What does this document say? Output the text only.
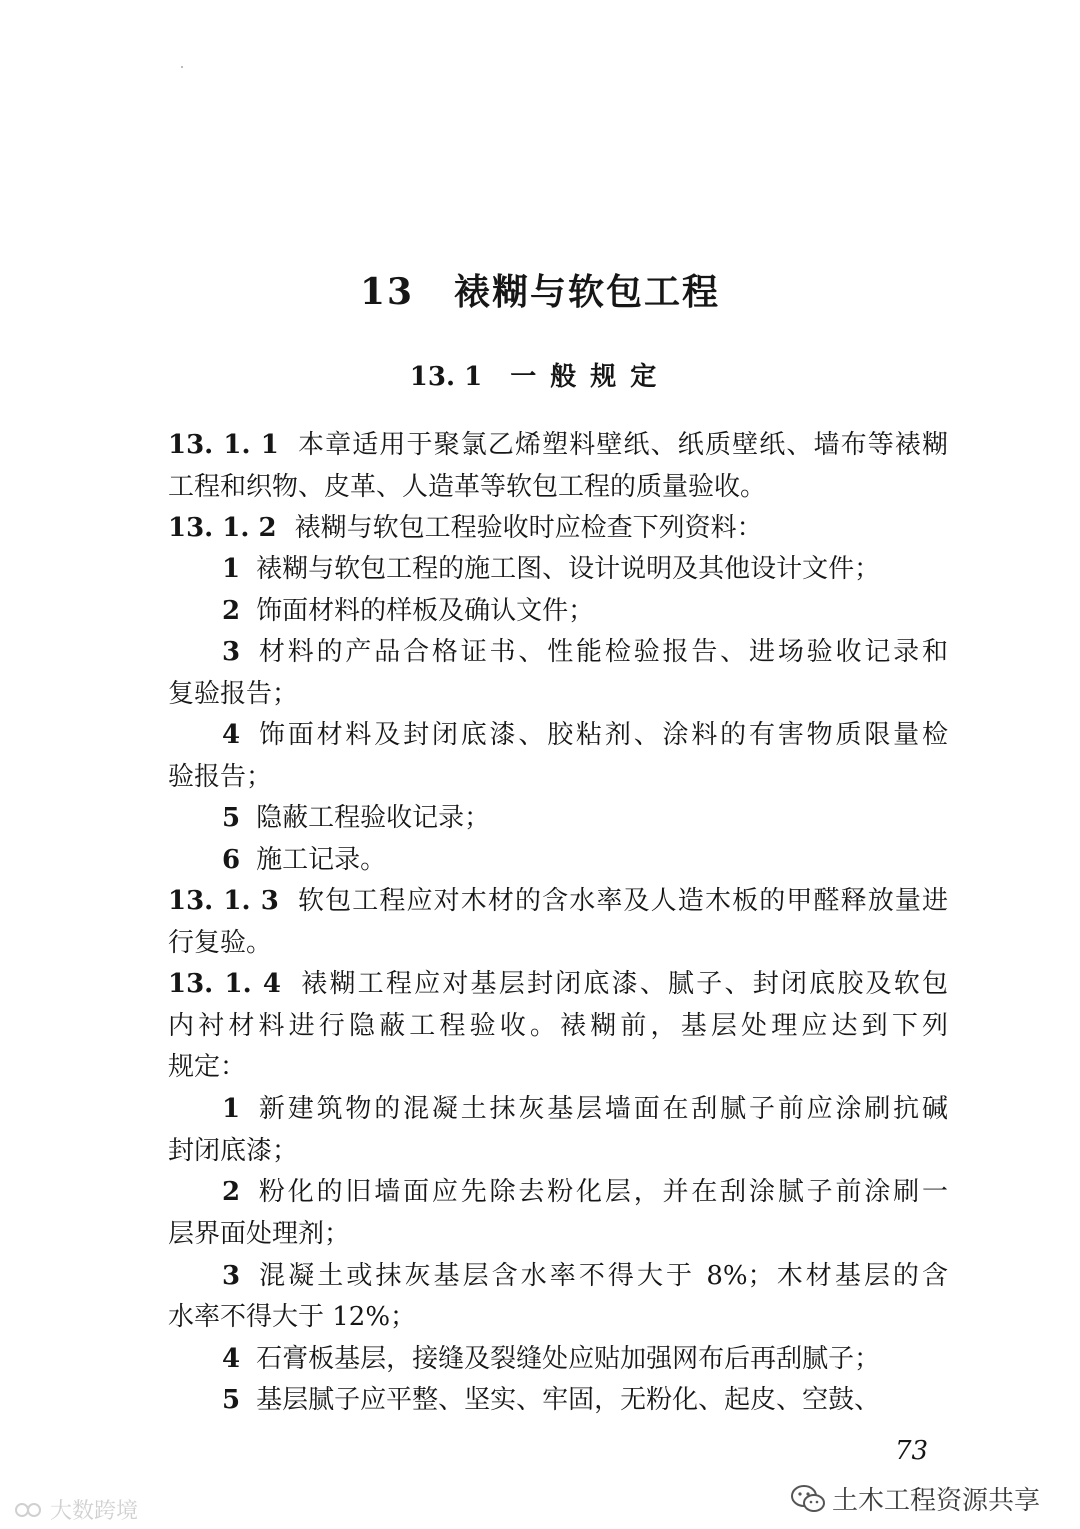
13 裱糊与软包工程
13. 1 一般规定
13. 1. 1 本章适用于聚氯乙烯塑料壁纸、纸质壁纸、墙布等裱糊
工程和织物、皮革、人造革等软包工程的质量验收。
13. 1. 2 裱糊与软包工程验收时应检查下列资料：
1 裱糊与软包工程的施工图、设计说明及其他设计文件；
2 饰面材料的样板及确认文件；
3 材料的产品合格证书、性能检验报告、进场验收记录和
复验报告；
4 饰面材料及封闭底漆、胶粘剂、涂料的有害物质限量检
验报告；
5 隐蔽工程验收记录；
6 施工记录。
13. 1. 3 软包工程应对木材的含水率及人造木板的甲醛释放量进
行复验。
13. 1. 4 裱糊工程应对基层封闭底漆、腻子、封闭底胶及软包
内衬材料进行隐蔽工程验收。裱糊前，基层处理应达到下列
规定：
1 新建筑物的混凝土抹灰基层墙面在刮腻子前应涂刷抗碱
封闭底漆；
2 粉化的旧墙面应先除去粉化层，并在刮涂腻子前涂刷一
层界面处理剂；
3 混凝土或抹灰基层含水率不得大于 8%；木材基层的含
水率不得大于 12%；
4 石膏板基层，接缝及裂缝处应贴加强网布后再刮腻子；
5 基层腻子应平整、坚实、牢固，无粉化、起皮、空鼓、
73
土木工程资源共享
大数跨境
